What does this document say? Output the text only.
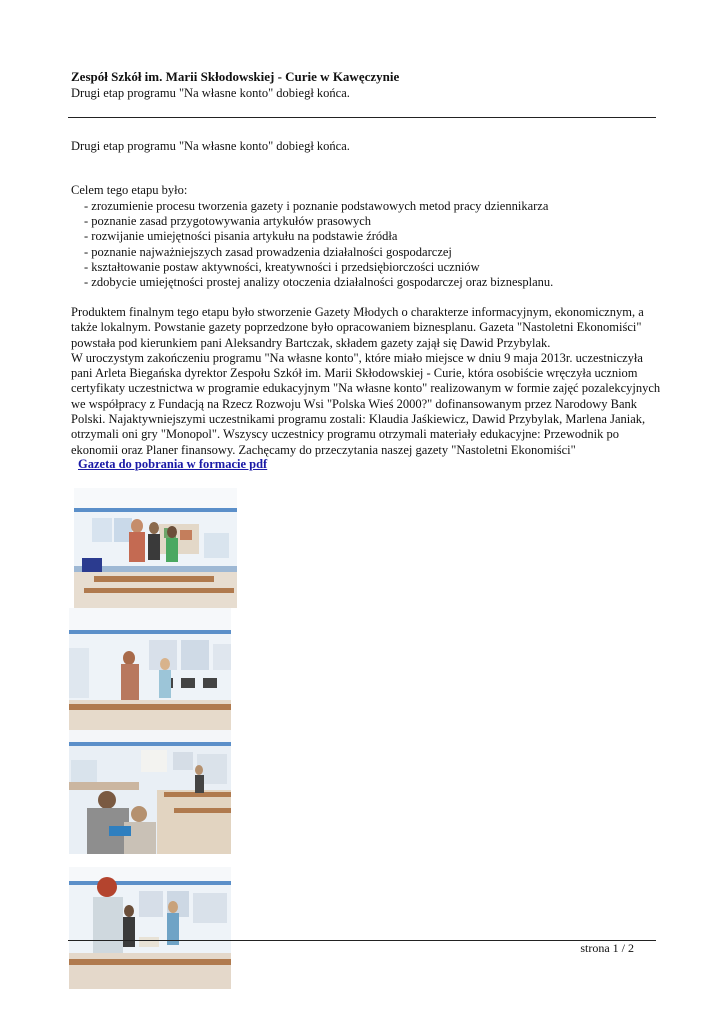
Zespół Szkół im. Marii Skłodowskiej - Curie w Kawęczynie
Drugi etap programu "Na własne konto" dobiegł końca.
Drugi etap programu "Na własne konto" dobiegł końca.
Celem tego etapu było:
- zrozumienie procesu tworzenia gazety i poznanie podstawowych metod pracy dziennikarza
- poznanie zasad przygotowywania artykułów prasowych
- rozwijanie umiejętności pisania artykułu na podstawie źródła
- poznanie najważniejszych zasad prowadzenia działalności gospodarczej
- kształtowanie postaw aktywności, kreatywności i przedsiębiorczości uczniów
- zdobycie umiejętności prostej analizy otoczenia działalności gospodarczej oraz biznesplanu.

Produktem finalnym tego etapu było stworzenie Gazety Młodych o charakterze informacyjnym, ekonomicznym, a także lokalnym. Powstanie gazety poprzedzone było opracowaniem biznesplanu. Gazeta "Nastoletni Ekonomiści" powstała pod kierunkiem pani Aleksandry Bartczak, składem gazety zajął się Dawid Przybylak.

W uroczystym zakończeniu programu "Na własne konto", które miało miejsce w dniu 9 maja 2013r. uczestniczyła pani Arleta Biegańska dyrektor Zespołu Szkół im. Marii Skłodowskiej - Curie, która osobiście wręczyła uczniom certyfikaty uczestnictwa w programie edukacyjnym "Na własne konto" realizowanym w formie zajęć pozalekcyjnych we współpracy z Fundacją na Rzecz Rozwoju Wsi "Polska Wieś 2000?" dofinansowanym przez Narodowy Bank Polski. Najaktywniejszymi uczestnikami programu zostali: Klaudia Jaśkiewicz, Dawid Przybylak, Marlena Janiak, otrzymali oni gry "Monopol". Wszyscy uczestnicy programu otrzymali materiały edukacyjne: Przewodnik po ekonomii oraz Planer finansowy. Zachęcamy do przeczytania naszej gazety "Nastoletni Ekonomiści"

Gazeta do pobrania w formacie pdf
strona 1 / 2
